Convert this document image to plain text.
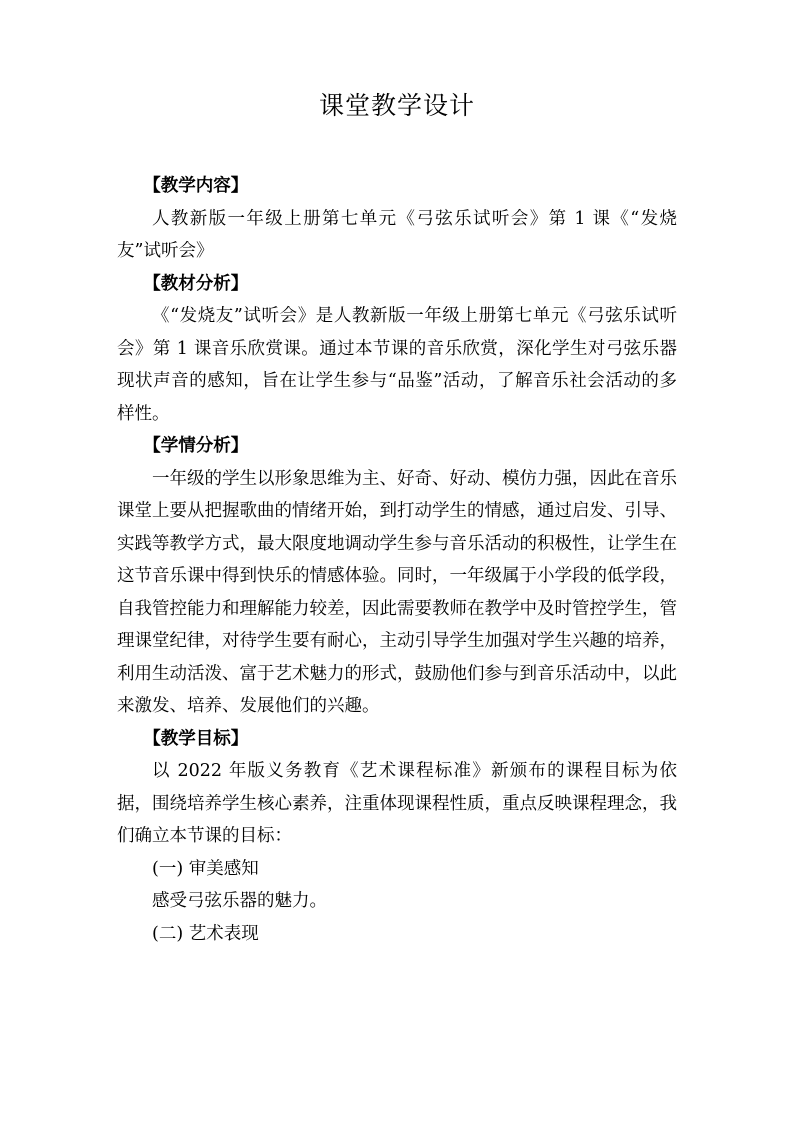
课堂教学设计

【教学内容】

人教新版一年级上册第七单元《弓弦乐试听会》第 1 课《“发烧友”试听会》

【教材分析】

《“发烧友”试听会》是人教新版一年级上册第七单元《弓弦乐试听会》第 1 课音乐欣赏课。通过本节课的音乐欣赏，深化学生对弓弦乐器现状声音的感知，旨在让学生参与“品鉴”活动，了解音乐社会活动的多样性。

【学情分析】

一年级的学生以形象思维为主、好奇、好动、模仿力强，因此在音乐课堂上要从把握歌曲的情绪开始，到打动学生的情感，通过启发、引导、实践等教学方式，最大限度地调动学生参与音乐活动的积极性，让学生在这节音乐课中得到快乐的情感体验。同时，一年级属于小学段的低学段，自我管控能力和理解能力较差，因此需要教师在教学中及时管控学生，管理课堂纪律，对待学生要有耐心，主动引导学生加强对学生兴趣的培养，利用生动活泼、富于艺术魅力的形式，鼓励他们参与到音乐活动中，以此来激发、培养、发展他们的兴趣。

【教学目标】

以 2022 年版义务教育《艺术课程标准》新颁布的课程目标为依据，围绕培养学生核心素养，注重体现课程性质，重点反映课程理念，我们确立本节课的目标：

(一) 审美感知

感受弓弦乐器的魅力。

(二) 艺术表现
